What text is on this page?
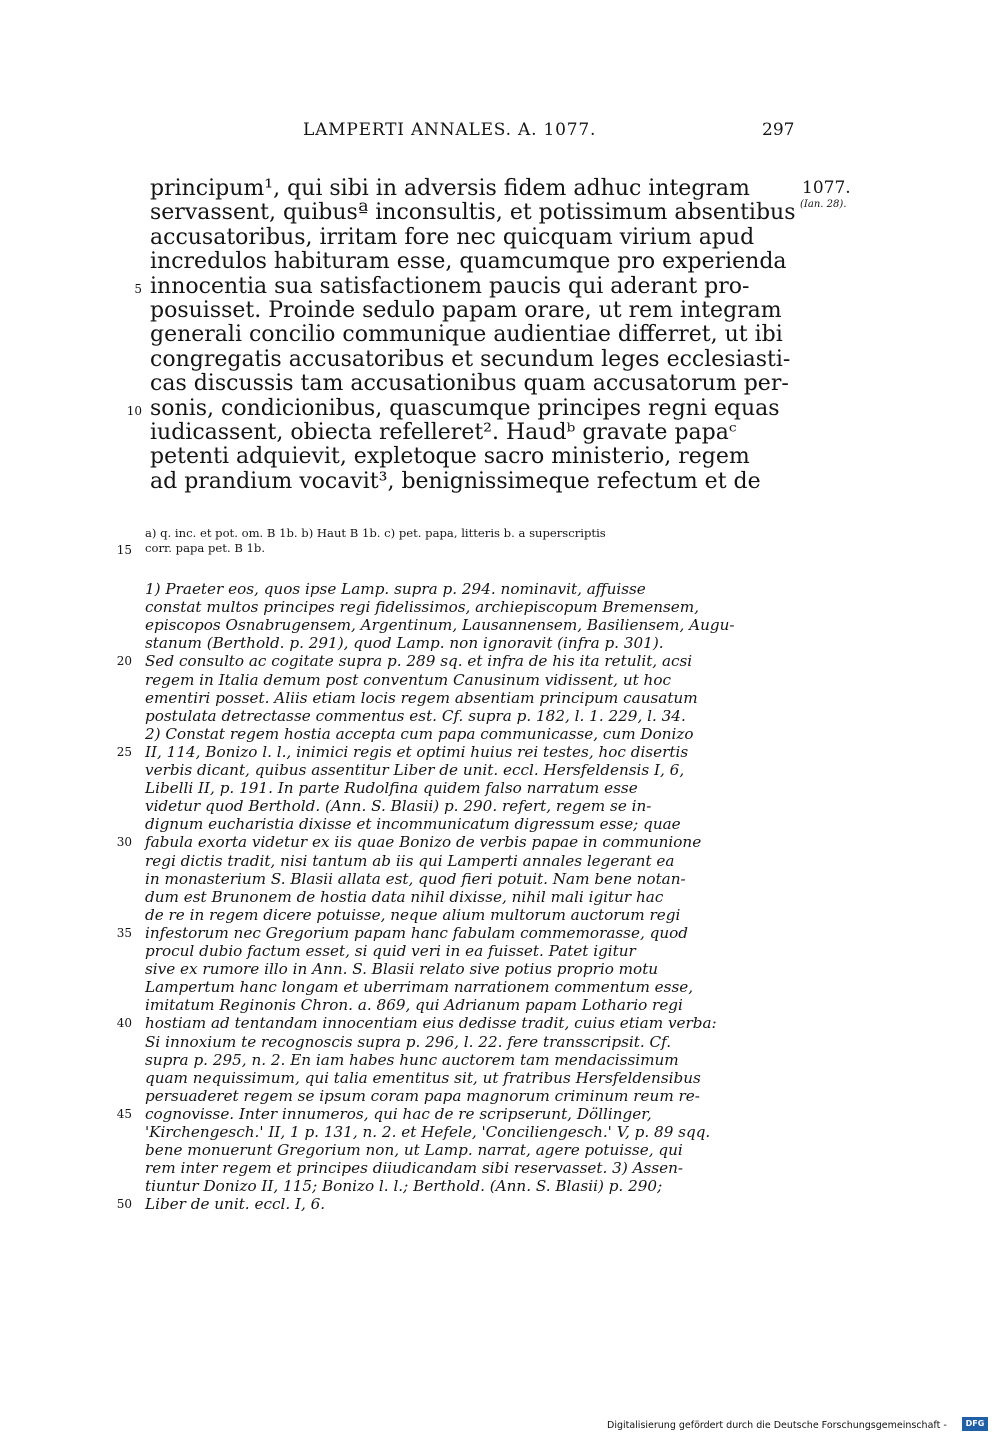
LAMPERTI ANNALES. A. 1077.	297
1077.
(Ian. 28).
principum¹, qui sibi in adversis fidem adhuc integram
servassent, quibusª inconsultis, et potissimum absentibus
accusatoribus, irritam fore nec quicquam virium apud
incredulos habituram esse, quamcumque pro experienda
innocentia sua satisfactionem paucis qui aderant pro-
5
posuisset. Proinde sedulo papam orare, ut rem integram
generali concilio communique audientiae differret, ut ibi
congregatis accusatoribus et secundum leges ecclesiasti-
cas discussis tam accusationibus quam accusatorum per-
sonis, condicionibus, quascumque principes regni equas
10
iudicassent, obiecta refelleret². Haudᵇ gravate papaᶜ
petenti adquievit, expletoque sacro ministerio, regem
ad prandium vocavit³, benignissimeque refectum et de
a) q. inc. et pot. om. B 1b. b) Haut B 1b. c) pet. papa, litteris b. a superscriptis
corr. papa pet. B 1b.
15
1) Praeter eos, quos ipse Lamp. supra p. 294. nominavit, affuisse
constat multos principes regi fidelissimos, archiepiscopum Bremensem,
episcopos Osnabrugensem, Argentinum, Lausannensem, Basiliensem, Augu-
stanum (Berthold. p. 291), quod Lamp. non ignoravit (infra p. 301).
Sed consulto ac cogitate supra p. 289 sq. et infra de his ita retulit, acsi
20
regem in Italia demum post conventum Canusinum vidissent, ut hoc
ementiri posset. Aliis etiam locis regem absentiam principum causatum
postulata detrectasse commentus est. Cf. supra p. 182, l. 1. 229, l. 34.
2) Constat regem hostia accepta cum papa communicasse, cum Donizo
II, 114, Bonizo l. l., inimici regis et optimi huius rei testes, hoc disertis
25
verbis dicant, quibus assentitur Liber de unit. eccl. Hersfeldensis I, 6,
Libelli II, p. 191. In parte Rudolfina quidem falso narratum esse
videtur quod Berthold. (Ann. S. Blasii) p. 290. refert, regem se in-
dignum eucharistia dixisse et incommunicatum digressum esse; quae
fabula exorta videtur ex iis quae Bonizo de verbis papae in communione
30
regi dictis tradit, nisi tantum ab iis qui Lamperti annales legerant ea
in monasterium S. Blasii allata est, quod fieri potuit. Nam bene notan-
dum est Brunonem de hostia data nihil dixisse, nihil mali igitur hac
de re in regem dicere potuisse, neque alium multorum auctorum regi
infestorum nec Gregorium papam hanc fabulam commemorasse, quod
35
procul dubio factum esset, si quid veri in ea fuisset. Patet igitur
sive ex rumore illo in Ann. S. Blasii relato sive potius proprio motu
Lampertum hanc longam et uberrimam narrationem commentum esse,
imitatum Reginonis Chron. a. 869, qui Adrianum papam Lothario regi
hostiam ad tentandam innocentiam eius dedisse tradit, cuius etiam verba:
40
Si innoxium te recognoscis supra p. 296, l. 22. fere transscripsit. Cf.
supra p. 295, n. 2. En iam habes hunc auctorem tam mendacissimum
quam nequissimum, qui talia ementitus sit, ut fratribus Hersfeldensibus
persuaderet regem se ipsum coram papa magnorum criminum reum re-
cognovisse. Inter innumeros, qui hac de re scripserunt, Döllinger,
45
'Kirchengesch.' II, 1 p. 131, n. 2. et Hefele, 'Conciliengesch.' V, p. 89 sqq.
bene monuerunt Gregorium non, ut Lamp. narrat, agere potuisse, qui
rem inter regem et principes diiudicandam sibi reservasset. 3) Assen-
tiuntur Donizo II, 115; Bonizo l. l.; Berthold. (Ann. S. Blasii) p. 290;
Liber de unit. eccl. I, 6.
50
Digitalisierung gefördert durch die Deutsche Forschungsgemeinschaft -	DFG
